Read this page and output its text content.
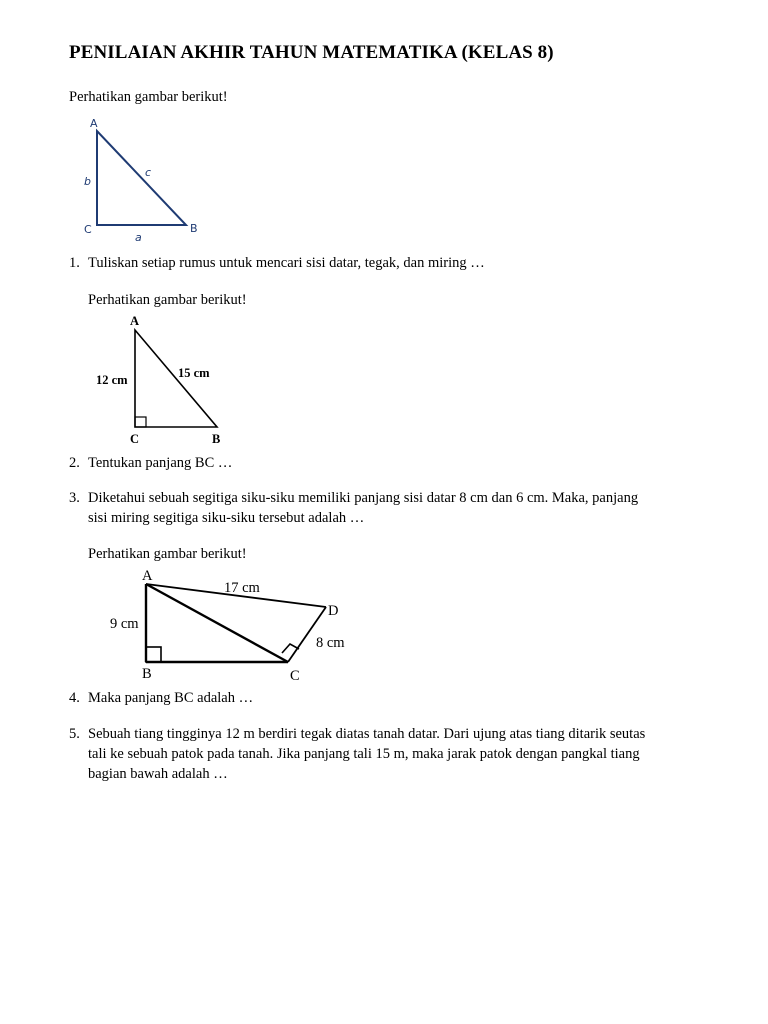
PENILAIAN AKHIR TAHUN MATEMATIKA (KELAS 8)
Perhatikan gambar berikut!
A
C	B
b
c
a
1. Tuliskan setiap rumus untuk mencari sisi datar, tegak, dan miring …
Perhatikan gambar berikut!
A
C	B
12 cm	15 cm
2. Tentukan panjang BC …
3. Diketahui sebuah segitiga siku-siku memiliki panjang sisi datar 8 cm dan 6 cm. Maka, panjang
sisi miring segitiga siku-siku tersebut adalah …
Perhatikan gambar berikut!
A
B	C
D
17 cm
9 cm
8 cm
4. Maka panjang BC adalah …
5. Sebuah tiang tingginya 12 m berdiri tegak diatas tanah datar. Dari ujung atas tiang ditarik seutas
tali ke sebuah patok pada tanah. Jika panjang tali 15 m, maka jarak patok dengan pangkal tiang
bagian bawah adalah …
